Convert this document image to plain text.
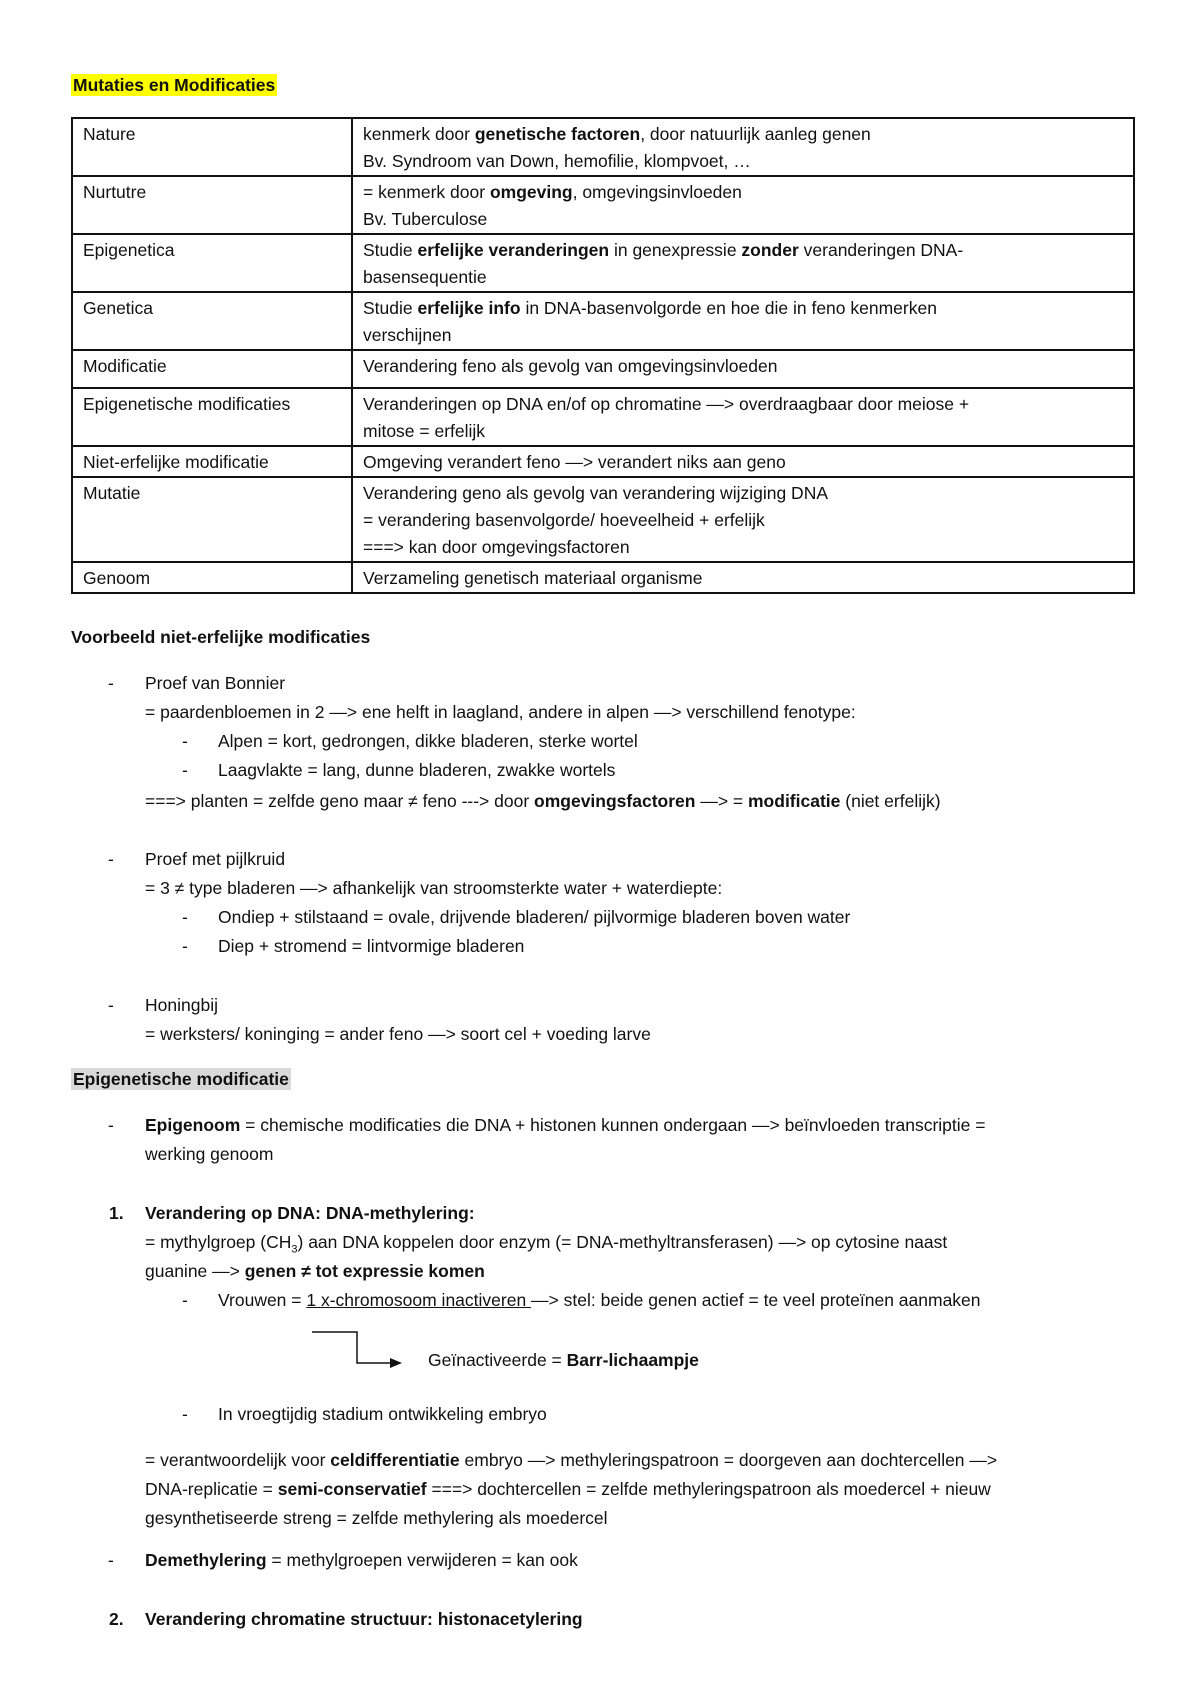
Mutaties en Modificaties
Nature	kenmerk door genetische factoren, door natuurlijk aanleg genen
Bv. Syndroom van Down, hemofilie, klompvoet, …

Nurtutre	= kenmerk door omgeving, omgevingsinvloeden
Bv. Tuberculose

Epigenetica	Studie erfelijke veranderingen in genexpressie zonder veranderingen DNA-
basensequentie

Genetica	Studie erfelijke info in DNA-basenvolgorde en hoe die in feno kenmerken
verschijnen

Modificatie	Verandering feno als gevolg van omgevingsinvloeden

Epigenetische modificaties	Veranderingen op DNA en/of op chromatine —> overdraagbaar door meiose +
mitose = erfelijk

Niet-erfelijke modificatie	Omgeving verandert feno —> verandert niks aan geno

Mutatie	Verandering geno als gevolg van verandering wijziging DNA
= verandering basenvolgorde/ hoeveelheid + erfelijk
===> kan door omgevingsfactoren

Genoom	Verzameling genetisch materiaal organisme
Voorbeeld niet-erfelijke modificaties
- Proef van Bonnier
= paardenbloemen in 2 —> ene helft in laagland, andere in alpen —> verschillend fenotype:
- Alpen = kort, gedrongen, dikke bladeren, sterke wortel
- Laagvlakte = lang, dunne bladeren, zwakke wortels
===> planten = zelfde geno maar ≠ feno ---> door omgevingsfactoren —> = modificatie (niet erfelijk)
- Proef met pijlkruid
= 3 ≠ type bladeren —> afhankelijk van stroomsterkte water + waterdiepte:
- Ondiep + stilstaand = ovale, drijvende bladeren/ pijlvormige bladeren boven water
- Diep + stromend = lintvormige bladeren
- Honingbij
= werksters/ koninging = ander feno —> soort cel + voeding larve
Epigenetische modificatie
- Epigenoom = chemische modificaties die DNA + histonen kunnen ondergaan —> beïnvloeden transcriptie =
werking genoom
1. Verandering op DNA: DNA-methylering:
= mythylgroep $(CH_3)$ aan DNA koppelen door enzym (= DNA-methyltransferasen) —> op cytosine naast
guanine —> genen ≠ tot expressie komen
- Vrouwen = 1 x-chromosoom inactiveren —> stel: beide genen actief = te veel proteïnen aanmaken
Geïnactiveerde = Barr-lichaampje
- In vroegtijdig stadium ontwikkeling embryo
= verantwoordelijk voor celdifferentiatie embryo —> methyleringspatroon = doorgeven aan dochtercellen —>
DNA-replicatie = semi-conservatief ===> dochtercellen = zelfde methyleringspatroon als moedercel + nieuw
gesynthetiseerde streng = zelfde methylering als moedercel
- Demethylering = methylgroepen verwijderen = kan ook
2. Verandering chromatine structuur: histonacetylering
